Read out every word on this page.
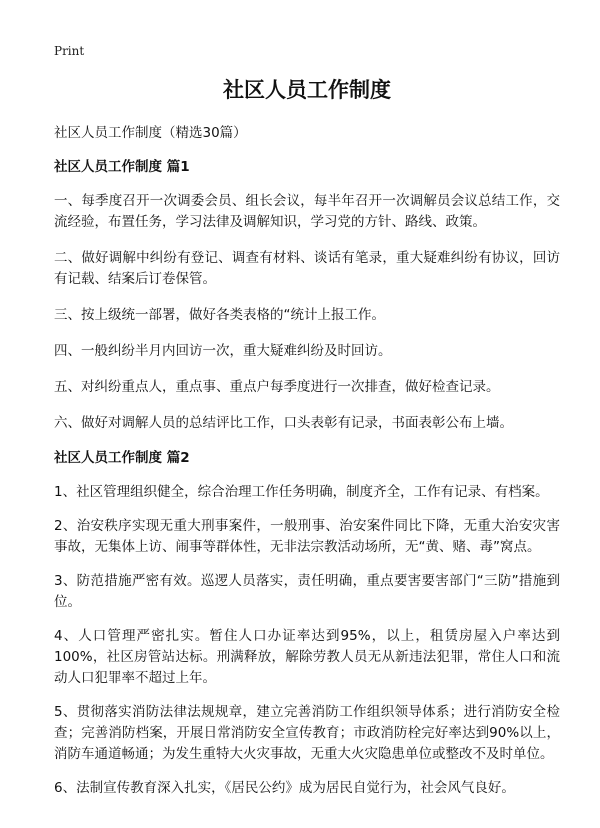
Print
社区人员工作制度

社区人员工作制度（精选30篇）

社区人员工作制度 篇1

一、每季度召开一次调委会员、组长会议，每半年召开一次调解员会议总结工作，交流经验，布置任务，学习法律及调解知识，学习党的方针、路线、政策。

二、做好调解中纠纷有登记、调查有材料、谈话有笔录，重大疑难纠纷有协议，回访有记载、结案后订卷保管。

三、按上级统一部署，做好各类表格的“统计上报工作。

四、一般纠纷半月内回访一次，重大疑难纠纷及时回访。

五、对纠纷重点人，重点事、重点户每季度进行一次排查，做好检查记录。

六、做好对调解人员的总结评比工作，口头表彰有记录，书面表彰公布上墙。

社区人员工作制度 篇2

1、社区管理组织健全，综合治理工作任务明确，制度齐全，工作有记录、有档案。

2、治安秩序实现无重大刑事案件，一般刑事、治安案件同比下降，无重大治安灾害事故，无集体上访、闹事等群体性，无非法宗教活动场所，无“黄、赌、毒”窝点。

3、防范措施严密有效。巡逻人员落实，责任明确，重点要害要害部门“三防”措施到位。

4、人口管理严密扎实。暂住人口办证率达到95%，以上，租赁房屋入户率达到100%，社区房管站达标。刑满释放，解除劳教人员无从新违法犯罪，常住人口和流动人口犯罪率不超过上年。

5、贯彻落实消防法律法规规章，建立完善消防工作组织领导体系；进行消防安全检查；完善消防档案，开展日常消防安全宣传教育；市政消防栓完好率达到90%以上，消防车通道畅通；为发生重特大火灾事故，无重大火灾隐患单位或整改不及时单位。

6、法制宣传教育深入扎实，《居民公约》成为居民自觉行为，社会风气良好。
